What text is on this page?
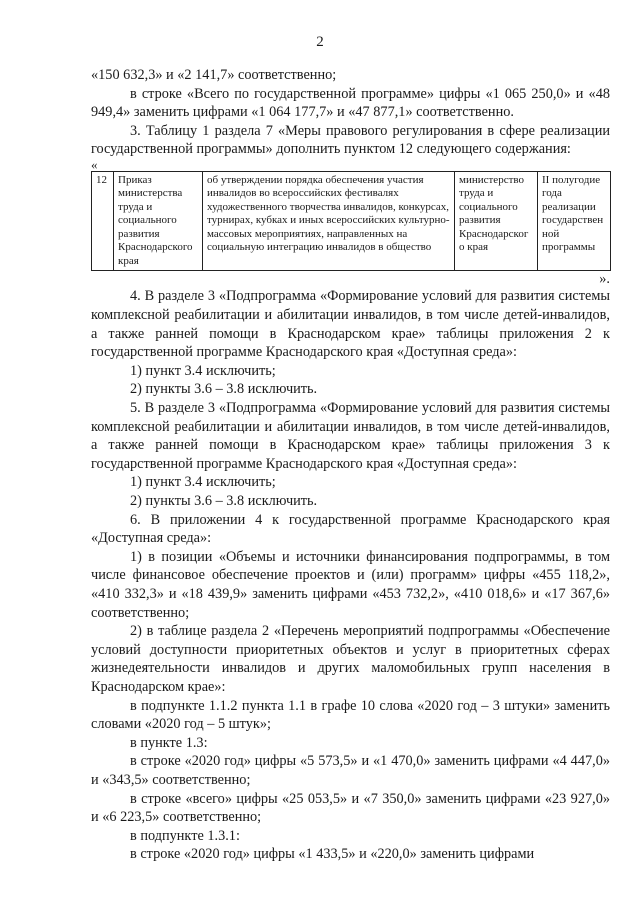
2

«150 632,3» и «2 141,7» соответственно;

в строке «Всего по государственной программе» цифры «1 065 250,0» и «48 949,4» заменить цифрами «1 064 177,7» и «47 877,1» соответственно.

3. Таблицу 1 раздела 7 «Меры правового регулирования в сфере реализации государственной программы» дополнить пунктом 12 следующего содержания:

«

12	Приказ министерства труда и социального развития Краснодарского края	об утверждении порядка обеспечения участия инвалидов во всероссийских фестивалях художественного творчества инвалидов, конкурсах, турнирах, кубках и иных всероссийских культурно-массовых мероприятиях, направленных на социальную интеграцию инвалидов в общество	министерство труда и социального развития Краснодарского края	II полугодие года реализации государственной программы

».

4. В разделе 3 «Подпрограмма «Формирование условий для развития системы комплексной реабилитации и абилитации инвалидов, в том числе детей-инвалидов, а также ранней помощи в Краснодарском крае» таблицы приложения 2 к государственной программе Краснодарского края «Доступная среда»:

1) пункт 3.4 исключить;

2) пункты 3.6 – 3.8 исключить.

5. В разделе 3 «Подпрограмма «Формирование условий для развития системы комплексной реабилитации и абилитации инвалидов, в том числе детей-инвалидов, а также ранней помощи в Краснодарском крае» таблицы приложения 3 к государственной программе Краснодарского края «Доступная среда»:

1) пункт 3.4 исключить;

2) пункты 3.6 – 3.8 исключить.

6. В приложении 4 к государственной программе Краснодарского края «Доступная среда»:

1) в позиции «Объемы и источники финансирования подпрограммы, в том числе финансовое обеспечение проектов и (или) программ» цифры «455 118,2», «410 332,3» и «18 439,9» заменить цифрами «453 732,2», «410 018,6» и «17 367,6» соответственно;

2) в таблице раздела 2 «Перечень мероприятий подпрограммы «Обеспечение условий доступности приоритетных объектов и услуг в приоритетных сферах жизнедеятельности инвалидов и других маломобильных групп населения в Краснодарском крае»:

в подпункте 1.1.2 пункта 1.1 в графе 10 слова «2020 год – 3 штуки» заменить словами «2020 год – 5 штук»;

в пункте 1.3:

в строке «2020 год» цифры «5 573,5» и «1 470,0» заменить цифрами «4 447,0» и «343,5» соответственно;

в строке «всего» цифры «25 053,5» и «7 350,0» заменить цифрами «23 927,0» и «6 223,5» соответственно;

в подпункте 1.3.1:

в строке «2020 год» цифры «1 433,5» и «220,0» заменить цифрами
